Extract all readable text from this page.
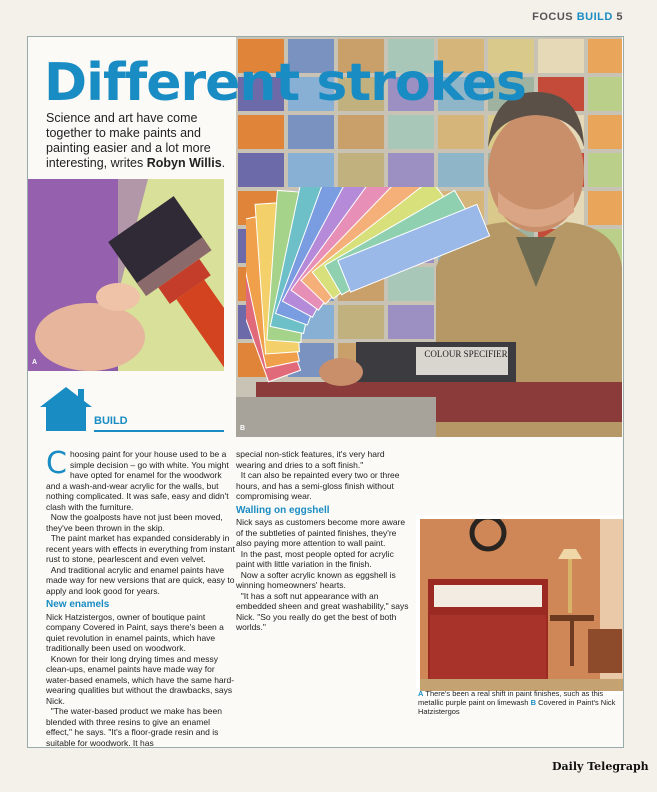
FOCUS BUILD 5
COLOUR SPECIFIER
B
Different strokes
Science and art have come together to make paints and painting easier and a lot more interesting, writes Robyn Willis.
A
BUILD

Choosing paint for your house used to be a simple decision – go with white. You might have opted for enamel for the woodwork and a wash-and-wear acrylic for the walls, but nothing complicated. It was safe, easy and didn't clash with the furniture.

Now the goalposts have not just been moved, they've been thrown in the skip.

The paint market has expanded considerably in recent years with effects in everything from instant rust to stone, pearlescent and even velvet.

And traditional acrylic and enamel paints have made way for new versions that are quick, easy to apply and look good for years.

New enamels

Nick Hatzistergos, owner of boutique paint company Covered in Paint, says there's been a quiet revolution in enamel paints, which have traditionally been used on woodwork.

Known for their long drying times and messy clean-ups, enamel paints have made way for water-based enamels, which have the same hard-wearing qualities but without the drawbacks, says Nick.

"The water-based product we make has been blended with three resins to give an enamel effect," he says. "It's a floor-grade resin and is suitable for woodwork. It has

special non-stick features, it's very hard wearing and dries to a soft finish."

It can also be repainted every two or three hours, and has a semi-gloss finish without compromising wear.

Walling on eggshell

Nick says as customers become more aware of the subtleties of painted finishes, they're also paying more attention to wall paint.

In the past, most people opted for acrylic paint with little variation in the finish.

Now a softer acrylic known as eggshell is winning homeowners' hearts.

"It has a soft nut appearance with an embedded sheen and great washability," says Nick. "So you really do get the best of both worlds."

A There's been a real shift in paint finishes, such as this metallic purple paint on limewash B Covered in Paint's Nick Hatzistergos
Daily Telegraph
